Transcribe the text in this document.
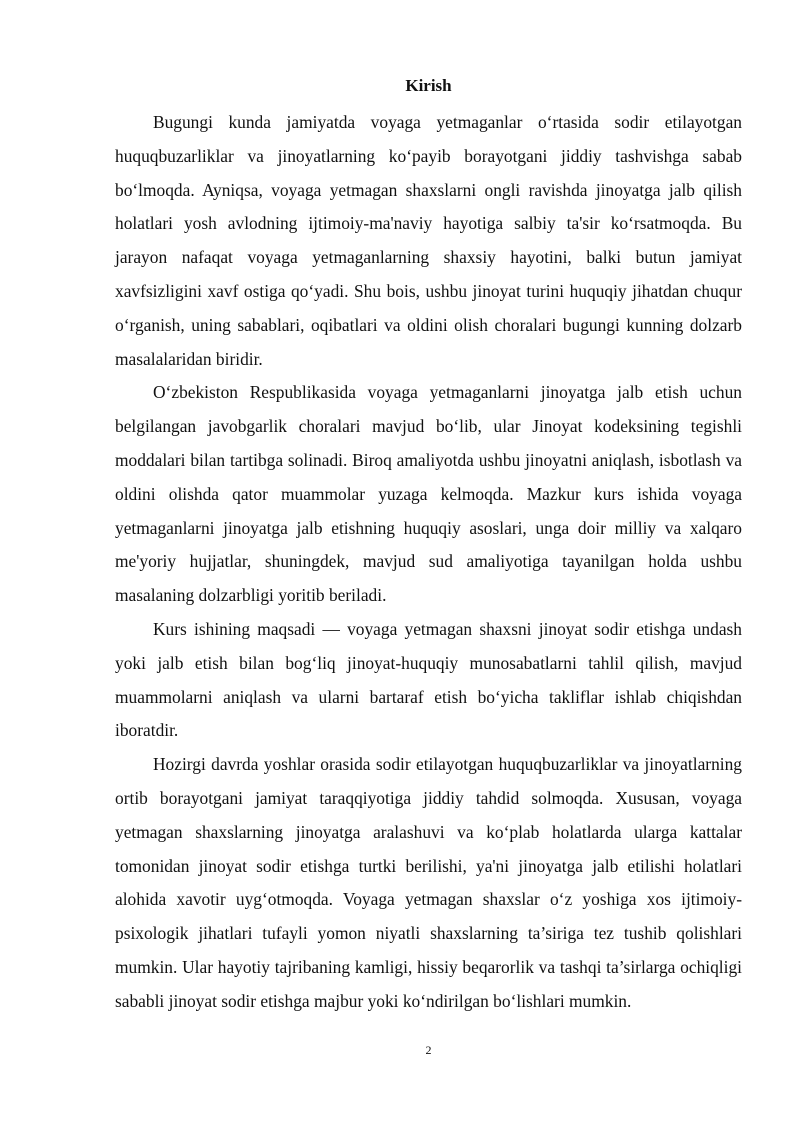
Kirish

Bugungi kunda jamiyatda voyaga yetmaganlar o‘rtasida sodir etilayotgan huquqbuzarliklar va jinoyatlarning ko‘payib borayotgani jiddiy tashvishga sabab bo‘lmoqda. Ayniqsa, voyaga yetmagan shaxslarni ongli ravishda jinoyatga jalb qilish holatlari yosh avlodning ijtimoiy-ma'naviy hayotiga salbiy ta'sir ko‘rsatmoqda. Bu jarayon nafaqat voyaga yetmaganlarning shaxsiy hayotini, balki butun jamiyat xavfsizligini xavf ostiga qo‘yadi. Shu bois, ushbu jinoyat turini huquqiy jihatdan chuqur o‘rganish, uning sabablari, oqibatlari va oldini olish choralari bugungi kunning dolzarb masalalaridan biridir.

O‘zbekiston Respublikasida voyaga yetmaganlarni jinoyatga jalb etish uchun belgilangan javobgarlik choralari mavjud bo‘lib, ular Jinoyat kodeksining tegishli moddalari bilan tartibga solinadi. Biroq amaliyotda ushbu jinoyatni aniqlash, isbotlash va oldini olishda qator muammolar yuzaga kelmoqda. Mazkur kurs ishida voyaga yetmaganlarni jinoyatga jalb etishning huquqiy asoslari, unga doir milliy va xalqaro me'yoriy hujjatlar, shuningdek, mavjud sud amaliyotiga tayanilgan holda ushbu masalaning dolzarbligi yoritib beriladi.

Kurs ishining maqsadi — voyaga yetmagan shaxsni jinoyat sodir etishga undash yoki jalb etish bilan bog‘liq jinoyat-huquqiy munosabatlarni tahlil qilish, mavjud muammolarni aniqlash va ularni bartaraf etish bo‘yicha takliflar ishlab chiqishdan iboratdir.

Hozirgi davrda yoshlar orasida sodir etilayotgan huquqbuzarliklar va jinoyatlarning ortib borayotgani jamiyat taraqqiyotiga jiddiy tahdid solmoqda. Xususan, voyaga yetmagan shaxslarning jinoyatga aralashuvi va ko‘plab holatlarda ularga kattalar tomonidan jinoyat sodir etishga turtki berilishi, ya'ni jinoyatga jalb etilishi holatlari alohida xavotir uyg‘otmoqda. Voyaga yetmagan shaxslar o‘z yoshiga xos ijtimoiy-psixologik jihatlari tufayli yomon niyatli shaxslarning ta’siriga tez tushib qolishlari mumkin. Ular hayotiy tajribaning kamligi, hissiy beqarorlik va tashqi ta’sirlarga ochiqligi sababli jinoyat sodir etishga majbur yoki ko‘ndirilgan bo‘lishlari mumkin.

2
